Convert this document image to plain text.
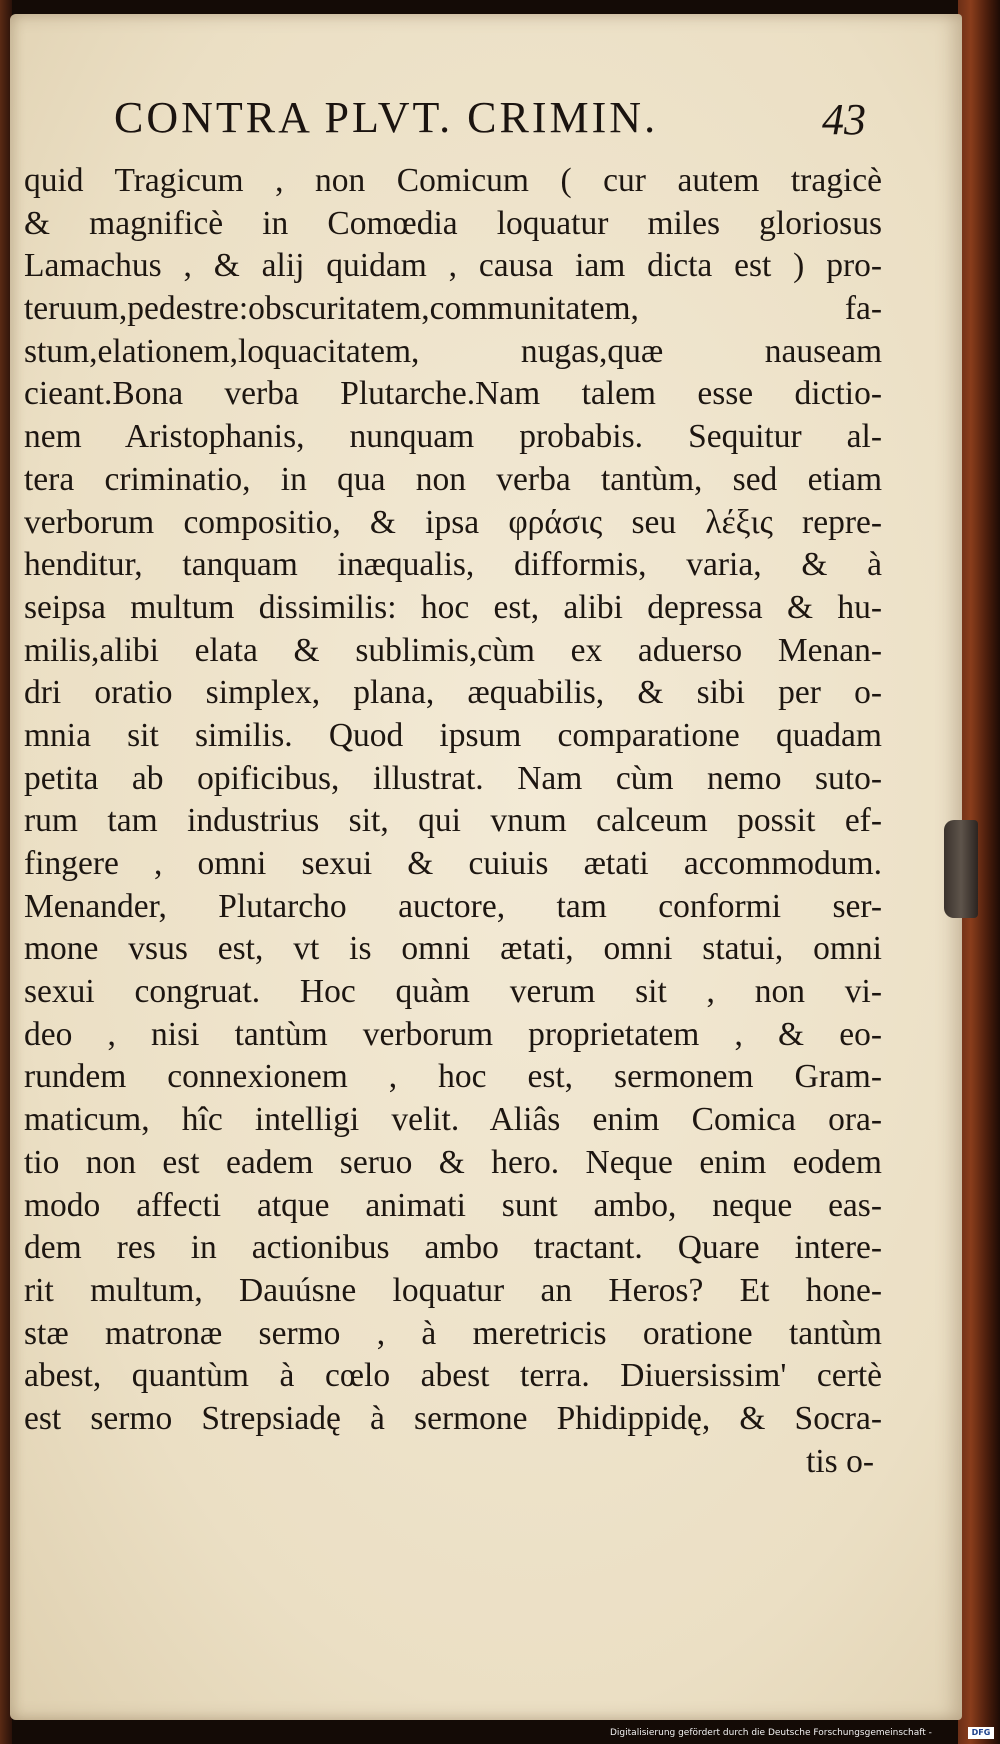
CONTRA PLVT. CRIMIN.	43
quid Tragicum , non Comicum ( cur autem tragicè
& magnificè in Comœdia loquatur miles gloriosus
Lamachus , & alij quidam , causa iam dicta est ) pro-
teruum,pedestre:obscuritatem,communitatem, fa-
stum,elationem,loquacitatem, nugas,quæ nauseam
cieant.Bona verba Plutarche.Nam talem esse dictio-
nem Aristophanis, nunquam probabis. Sequitur al-
tera criminatio, in qua non verba tantùm, sed etiam
verborum compositio, & ipsa φράσις seu λέξις repre-
henditur, tanquam inæqualis, difformis, varia, & à
seipsa multum dissimilis: hoc est, alibi depressa & hu-
milis,alibi elata & sublimis,cùm ex aduerso Menan-
dri oratio simplex, plana, æquabilis, & sibi per o-
mnia sit similis. Quod ipsum comparatione quadam
petita ab opificibus, illustrat. Nam cùm nemo suto-
rum tam industrius sit, qui vnum calceum possit ef-
fingere , omni sexui & cuiuis ætati accommodum.
Menander, Plutarcho auctore, tam conformi ser-
mone vsus est, vt is omni ætati, omni statui, omni
sexui congruat. Hoc quàm verum sit , non vi-
deo , nisi tantùm verborum proprietatem , & eo-
rundem connexionem , hoc est, sermonem Gram-
maticum, hîc intelligi velit. Aliâs enim Comica ora-
tio non est eadem seruo & hero. Neque enim eodem
modo affecti atque animati sunt ambo, neque eas-
dem res in actionibus ambo tractant. Quare intere-
rit multum, Dauúsne loquatur an Heros? Et hone-
stæ matronæ sermo , à meretricis oratione tantùm
abest, quantùm à cœlo abest terra. Diuersissim' certè
est sermo Strepsiadę à sermone Phidippidę, & Socra-
tis o-
Digitalisierung gefördert durch die Deutsche Forschungsgemeinschaft -	DFG
